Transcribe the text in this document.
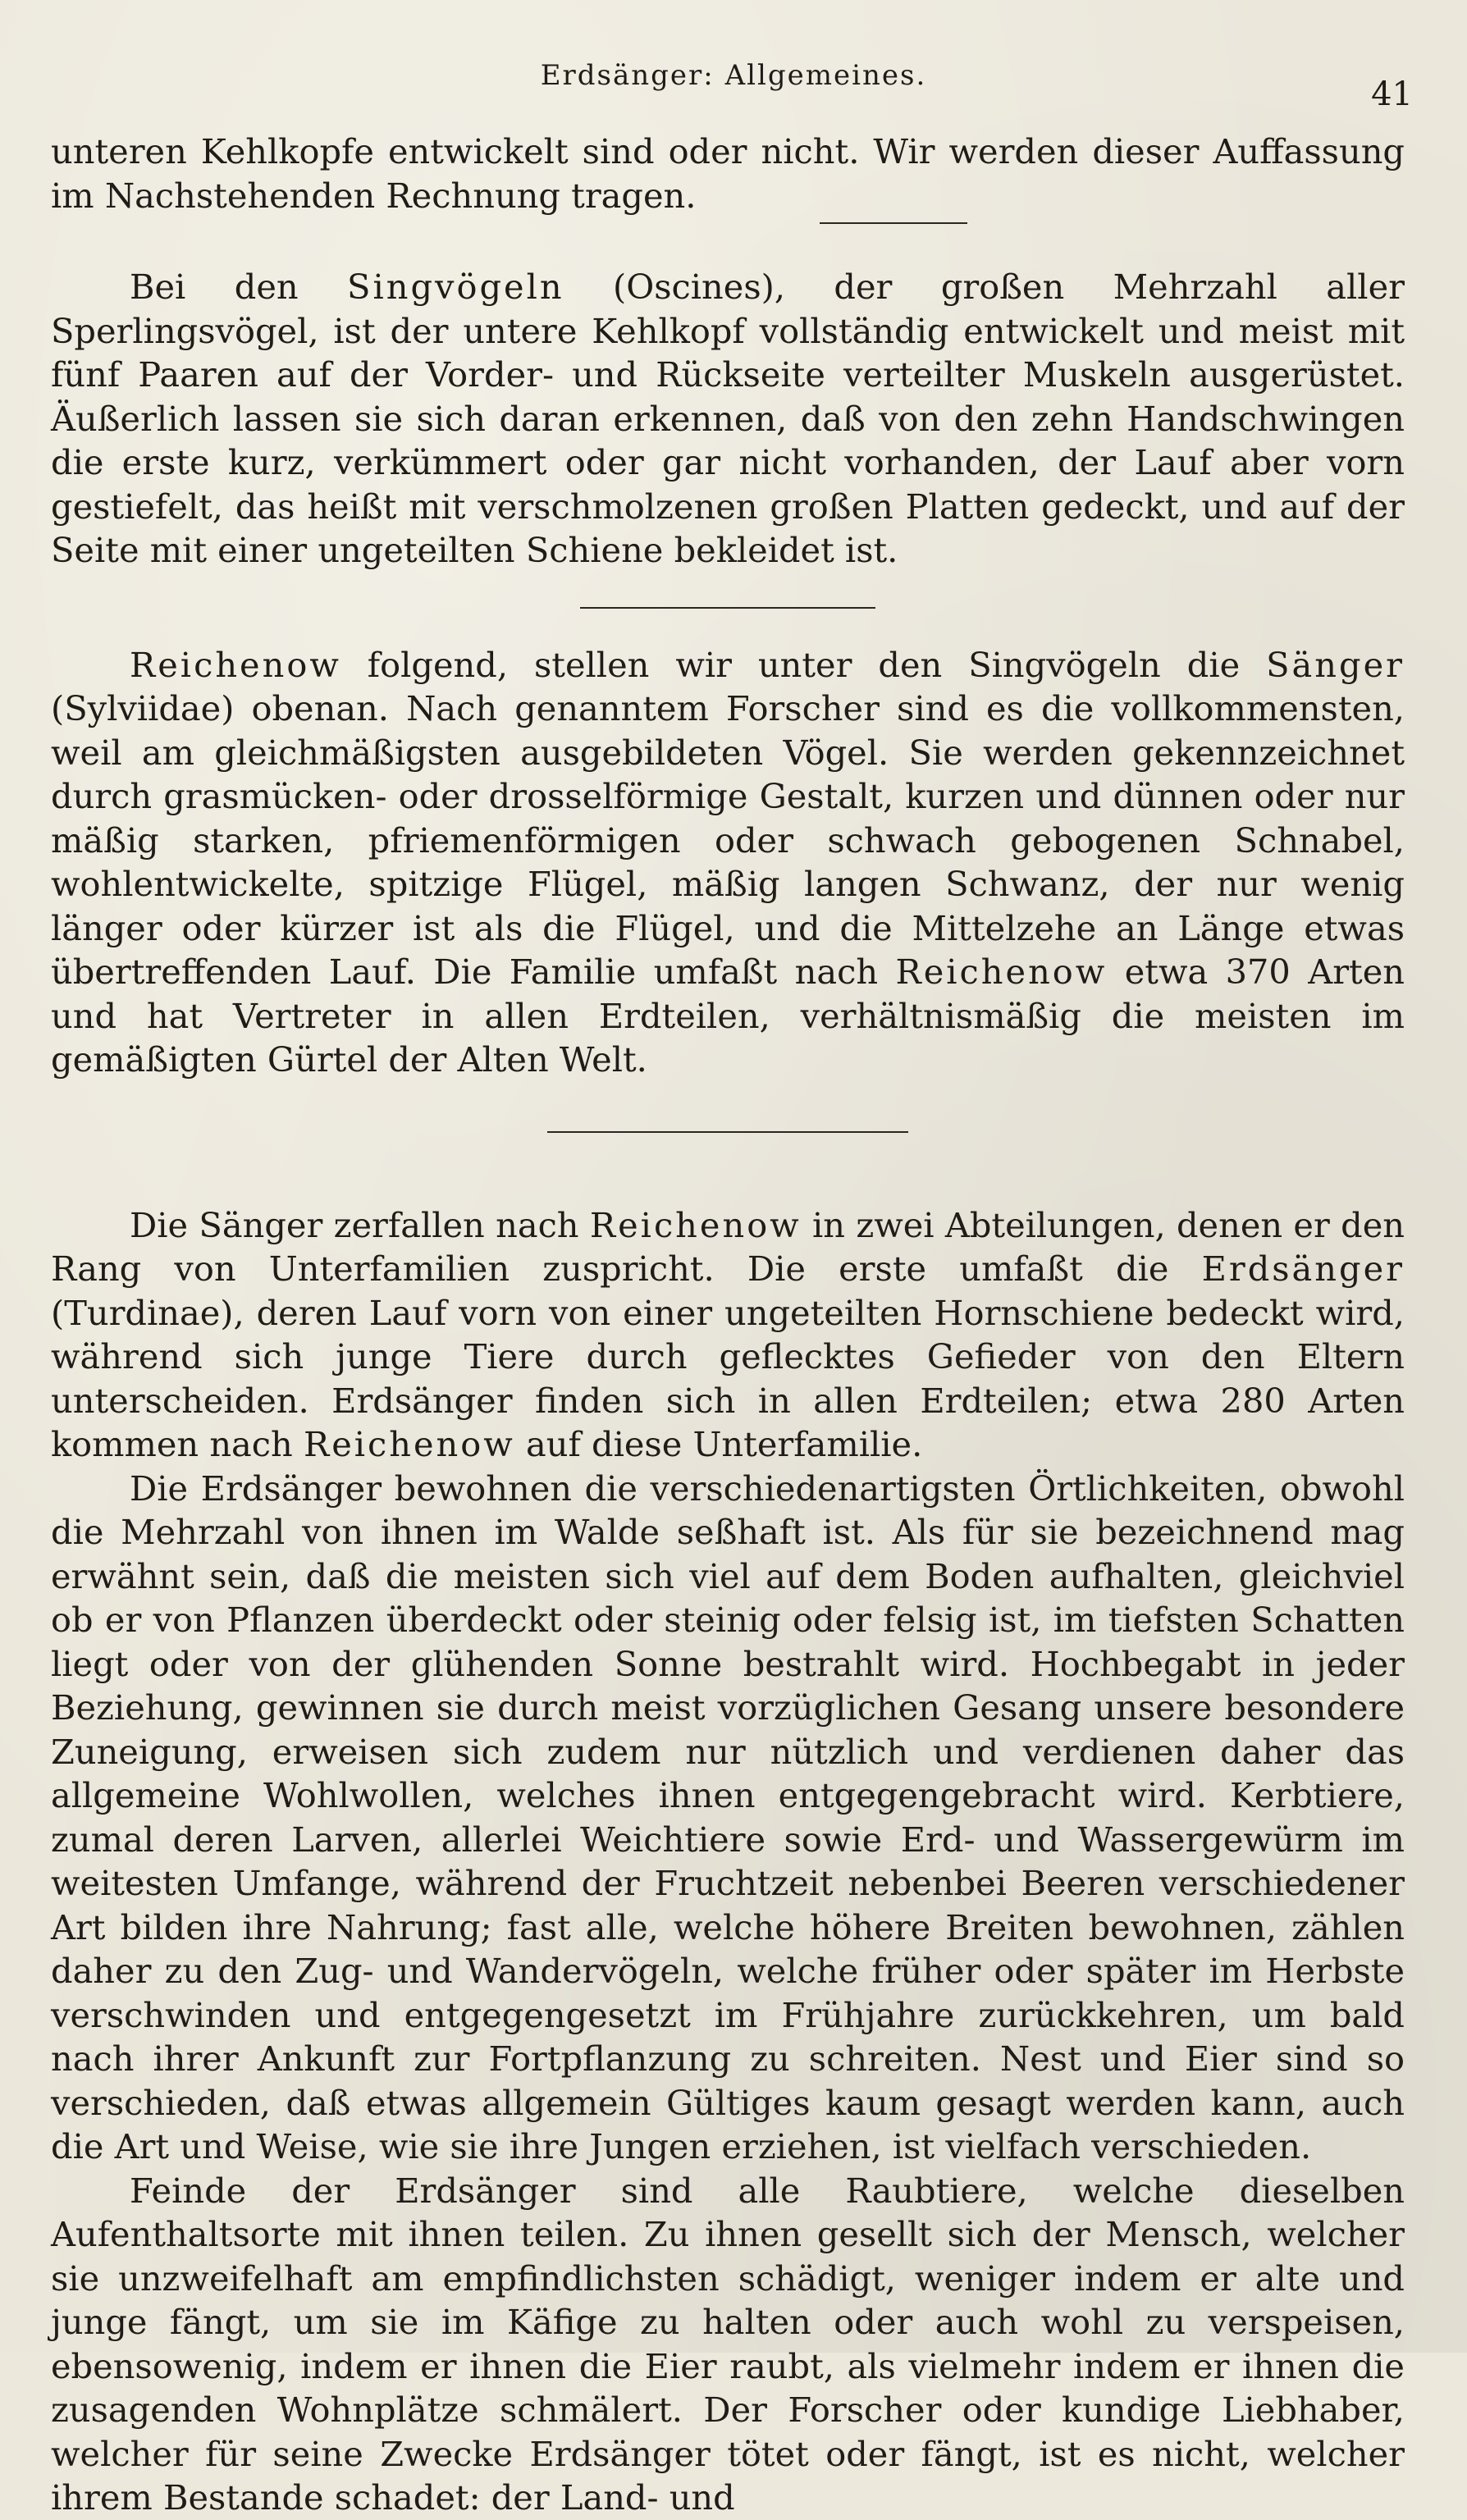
Erdsänger: Allgemeines.	41

unteren Kehlkopfe entwickelt sind oder nicht. Wir werden dieser Auffassung im Nachstehenden Rechnung tragen.

Bei den Singvögeln (Oscines), der großen Mehrzahl aller Sperlingsvögel, ist der untere Kehlkopf vollständig entwickelt und meist mit fünf Paaren auf der Vorder- und Rückseite verteilter Muskeln ausgerüstet. Äußerlich lassen sie sich daran erkennen, daß von den zehn Handschwingen die erste kurz, verkümmert oder gar nicht vorhanden, der Lauf aber vorn gestiefelt, das heißt mit verschmolzenen großen Platten gedeckt, und auf der Seite mit einer ungeteilten Schiene bekleidet ist.

Reichenow folgend, stellen wir unter den Singvögeln die Sänger (Sylviidae) obenan. Nach genanntem Forscher sind es die vollkommensten, weil am gleichmäßigsten ausgebildeten Vögel. Sie werden gekennzeichnet durch grasmücken- oder drosselförmige Gestalt, kurzen und dünnen oder nur mäßig starken, pfriemenförmigen oder schwach gebogenen Schnabel, wohlentwickelte, spitzige Flügel, mäßig langen Schwanz, der nur wenig länger oder kürzer ist als die Flügel, und die Mittelzehe an Länge etwas übertreffenden Lauf. Die Familie umfaßt nach Reichenow etwa 370 Arten und hat Vertreter in allen Erdteilen, verhältnismäßig die meisten im gemäßigten Gürtel der Alten Welt.

Die Sänger zerfallen nach Reichenow in zwei Abteilungen, denen er den Rang von Unterfamilien zuspricht. Die erste umfaßt die Erdsänger (Turdinae), deren Lauf vorn von einer ungeteilten Hornschiene bedeckt wird, während sich junge Tiere durch geflecktes Gefieder von den Eltern unterscheiden. Erdsänger finden sich in allen Erdteilen; etwa 280 Arten kommen nach Reichenow auf diese Unterfamilie.

Die Erdsänger bewohnen die verschiedenartigsten Örtlichkeiten, obwohl die Mehrzahl von ihnen im Walde seßhaft ist. Als für sie bezeichnend mag erwähnt sein, daß die meisten sich viel auf dem Boden aufhalten, gleichviel ob er von Pflanzen überdeckt oder steinig oder felsig ist, im tiefsten Schatten liegt oder von der glühenden Sonne bestrahlt wird. Hochbegabt in jeder Beziehung, gewinnen sie durch meist vorzüglichen Gesang unsere besondere Zuneigung, erweisen sich zudem nur nützlich und verdienen daher das allgemeine Wohlwollen, welches ihnen entgegengebracht wird. Kerbtiere, zumal deren Larven, allerlei Weichtiere sowie Erd- und Wassergewürm im weitesten Umfange, während der Fruchtzeit nebenbei Beeren verschiedener Art bilden ihre Nahrung; fast alle, welche höhere Breiten bewohnen, zählen daher zu den Zug- und Wandervögeln, welche früher oder später im Herbste verschwinden und entgegengesetzt im Frühjahre zurückkehren, um bald nach ihrer Ankunft zur Fortpflanzung zu schreiten. Nest und Eier sind so verschieden, daß etwas allgemein Gültiges kaum gesagt werden kann, auch die Art und Weise, wie sie ihre Jungen erziehen, ist vielfach verschieden.

Feinde der Erdsänger sind alle Raubtiere, welche dieselben Aufenthaltsorte mit ihnen teilen. Zu ihnen gesellt sich der Mensch, welcher sie unzweifelhaft am empfindlichsten schädigt, weniger indem er alte und junge fängt, um sie im Käfige zu halten oder auch wohl zu verspeisen, ebensowenig, indem er ihnen die Eier raubt, als vielmehr indem er ihnen die zusagenden Wohnplätze schmälert. Der Forscher oder kundige Liebhaber, welcher für seine Zwecke Erdsänger tötet oder fängt, ist es nicht, welcher ihrem Bestande schadet: der Land- und
